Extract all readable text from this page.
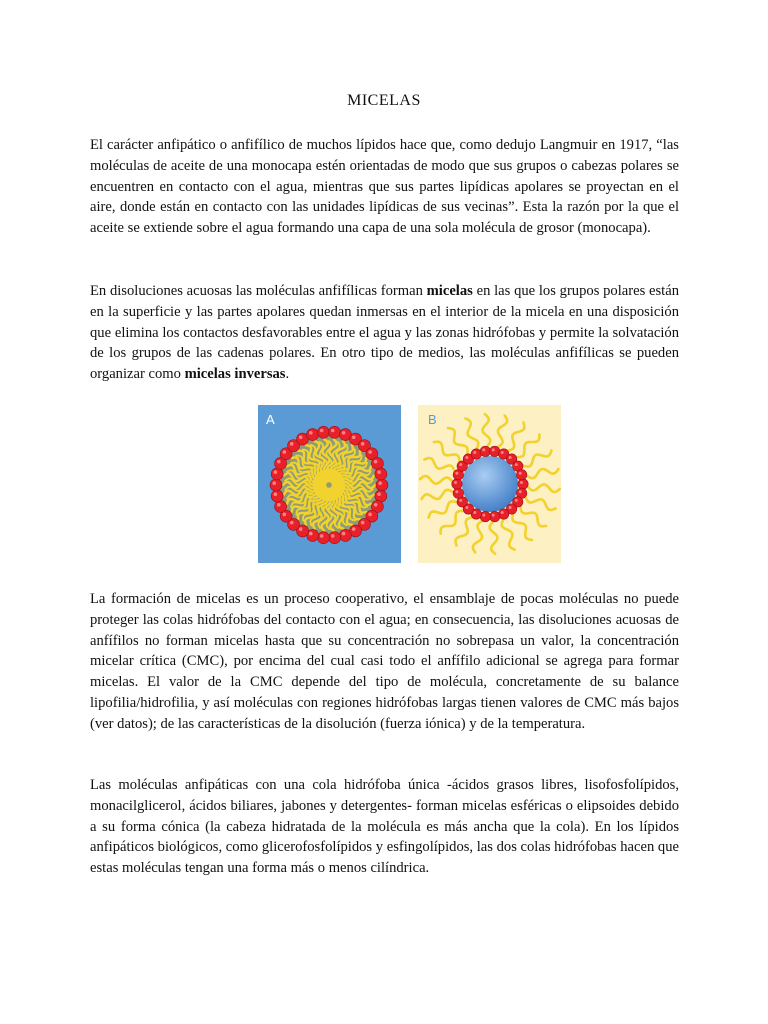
MICELAS

El carácter anfipático o anfifílico de muchos lípidos hace que, como dedujo Langmuir en 1917, “las moléculas de aceite de una monocapa estén orientadas de modo que sus grupos o cabezas polares se encuentren en contacto con el agua, mientras que sus partes lipídicas apolares se proyectan en el aire, donde están en contacto con las unidades lipídicas de sus vecinas”. Esta la razón por la que el aceite se extiende sobre el agua formando una capa de una sola molécula de grosor (monocapa).

En disoluciones acuosas las moléculas anfifílicas forman micelas en las que los grupos polares están en la superficie y las partes apolares quedan inmersas en el interior de la micela en una disposición que elimina los contactos desfavorables entre el agua y las zonas hidrófobas y permite la solvatación de los grupos de las cadenas polares. En otro tipo de medios, las moléculas anfifílicas se pueden organizar como micelas inversas.

A	B

La formación de micelas es un proceso cooperativo, el ensamblaje de pocas moléculas no puede proteger las colas hidrófobas del contacto con el agua; en consecuencia, las disoluciones acuosas de anfífilos no forman micelas hasta que su concentración no sobrepasa un valor, la concentración micelar crítica (CMC), por encima del cual casi todo el anfífilo adicional se agrega para formar micelas. El valor de la CMC depende del tipo de molécula, concretamente de su balance lipofilia/hidrofilia, y así moléculas con regiones hidrófobas largas tienen valores de CMC más bajos (ver datos); de las características de la disolución (fuerza iónica) y de la temperatura.

Las moléculas anfipáticas con una cola hidrófoba única -ácidos grasos libres, lisofosfolípidos, monacilglicerol, ácidos biliares, jabones y detergentes- forman micelas esféricas o elipsoides debido a su forma cónica (la cabeza hidratada de la molécula es más ancha que la cola). En los lípidos anfipáticos biológicos, como glicerofosfolípidos y esfingolípidos, las dos colas hidrófobas hacen que estas moléculas tengan una forma más o menos cilíndrica.
